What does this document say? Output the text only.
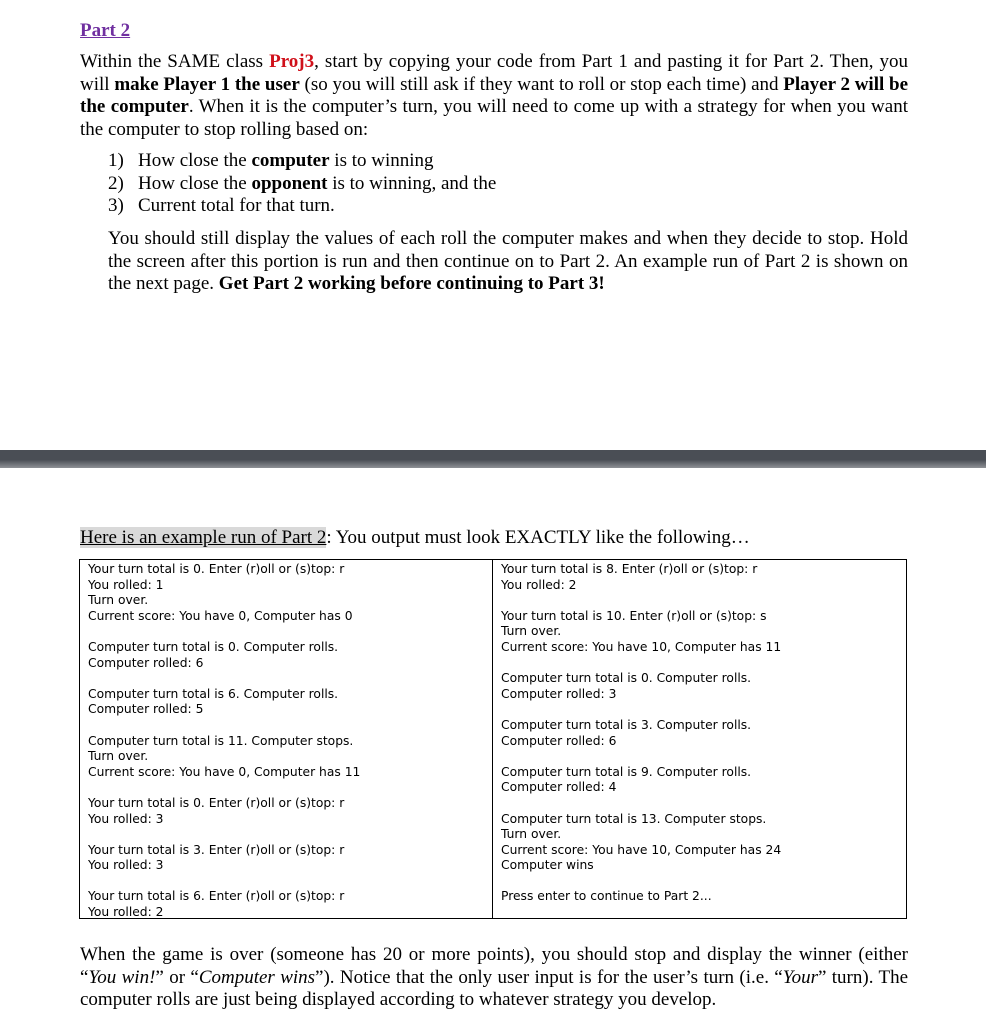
Part 2

Within the SAME class Proj3, start by copying your code from Part 1 and pasting it for Part 2. Then, you will make Player 1 the user (so you will still ask if they want to roll or stop each time) and Player 2 will be the computer. When it is the computer’s turn, you will need to come up with a strategy for when you want the computer to stop rolling based on:

1) How close the computer is to winning
2) How close the opponent is to winning, and the
3) Current total for that turn.

You should still display the values of each roll the computer makes and when they decide to stop. Hold the screen after this portion is run and then continue on to Part 2. An example run of Part 2 is shown on the next page. Get Part 2 working before continuing to Part 3!

Here is an example run of Part 2: You output must look EXACTLY like the following…

Your turn total is 0. Enter (r)oll or (s)top: r
You rolled: 1
Turn over.
Current score: You have 0, Computer has 0
Computer turn total is 0. Computer rolls.
Computer rolled: 6
Computer turn total is 6. Computer rolls.
Computer rolled: 5
Computer turn total is 11. Computer stops.
Turn over.
Current score: You have 0, Computer has 11
Your turn total is 0. Enter (r)oll or (s)top: r
You rolled: 3
Your turn total is 3. Enter (r)oll or (s)top: r
You rolled: 3
Your turn total is 6. Enter (r)oll or (s)top: r
You rolled: 2
Your turn total is 8. Enter (r)oll or (s)top: r
You rolled: 2
Your turn total is 10. Enter (r)oll or (s)top: s
Turn over.
Current score: You have 10, Computer has 11
Computer turn total is 0. Computer rolls.
Computer rolled: 3
Computer turn total is 3. Computer rolls.
Computer rolled: 6
Computer turn total is 9. Computer rolls.
Computer rolled: 4
Computer turn total is 13. Computer stops.
Turn over.
Current score: You have 10, Computer has 24
Computer wins
Press enter to continue to Part 2...

When the game is over (someone has 20 or more points), you should stop and display the winner (either “You win!” or “Computer wins”). Notice that the only user input is for the user’s turn (i.e. “Your” turn). The computer rolls are just being displayed according to whatever strategy you develop.
